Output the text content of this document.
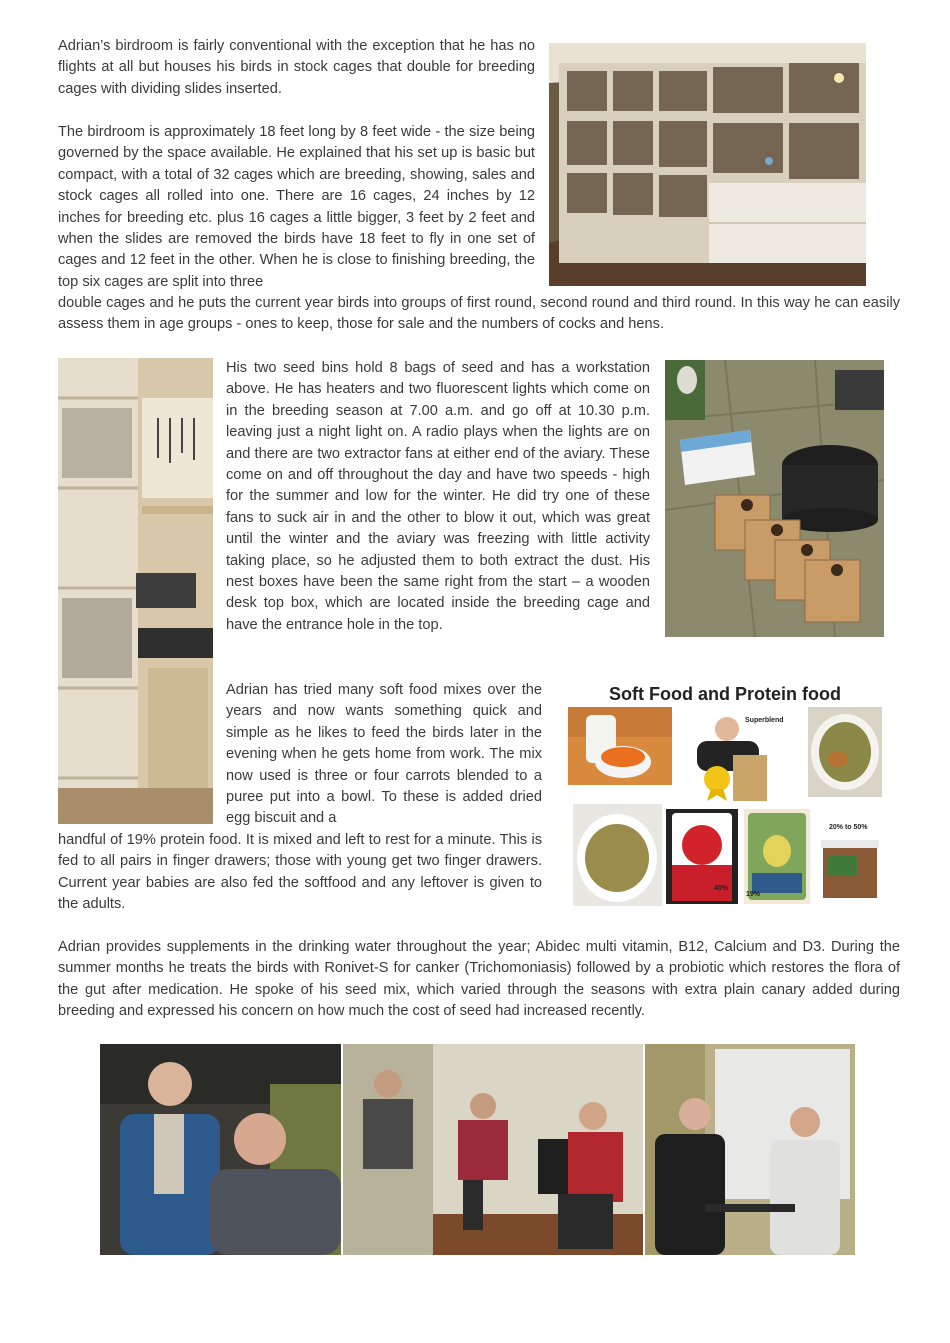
Adrian’s birdroom is fairly conventional with the exception that he has no flights at all but houses his birds in stock cages that double for breeding cages with dividing slides inserted.

The birdroom is approximately 18 feet long by 8 feet wide - the size being governed by the space available. He explained that his set up is basic but compact, with a total of 32 cages which are breeding, showing, sales and stock cages all rolled into one. There are 16 cages, 24 inches by 12 inches for breeding etc. plus 16 cages a little bigger, 3 feet by 2 feet and when the slides are removed the birds have 18 feet to fly in one set of cages and 12 feet in the other. When he is close to finishing breeding, the top six cages are split into three

double cages and he puts the current year birds into groups of first round, second round and third round. In this way he can easily assess them in age groups - ones to keep, those for sale and the numbers of cocks and hens.

His two seed bins hold 8 bags of seed and has a workstation above. He has heaters and two fluorescent lights which come on in the breeding season at 7.00 a.m. and go off at 10.30 p.m. leaving just a night light on. A radio plays when the lights are on and there are two extractor fans at either end of the aviary. These come on and off throughout the day and have two speeds - high for the summer and low for the winter. He did try one of these fans to suck air in and the other to blow it out, which was great until the winter and the aviary was freezing with little activity taking place, so he adjusted them to both extract the dust. His nest boxes have been the same right from the start – a wooden desk top box, which are located inside the breeding cage and have the entrance hole in the top.

Adrian has tried many soft food mixes over the years and now wants something quick and simple as he likes to feed the birds later in the evening when he gets home from work. The mix now used is three or four carrots blended to a puree put into a bowl. To these is added dried egg biscuit and a

handful of 19% protein food. It is mixed and left to rest for a minute. This is fed to all pairs in finger drawers; those with young get two finger drawers. Current year babies are also fed the softfood and any leftover is given to the adults.

Soft Food and Protein food
Superblend
40%
19%
20% to 50%

Adrian provides supplements in the drinking water throughout the year; Abidec multi vitamin, B12, Calcium and D3. During the summer months he treats the birds with Ronivet-S for canker (Trichomoniasis) followed by a probiotic which restores the flora of the gut after medication. He spoke of his seed mix, which varied through the seasons with extra plain canary added during breeding and expressed his concern on how much the cost of seed had increased recently.
